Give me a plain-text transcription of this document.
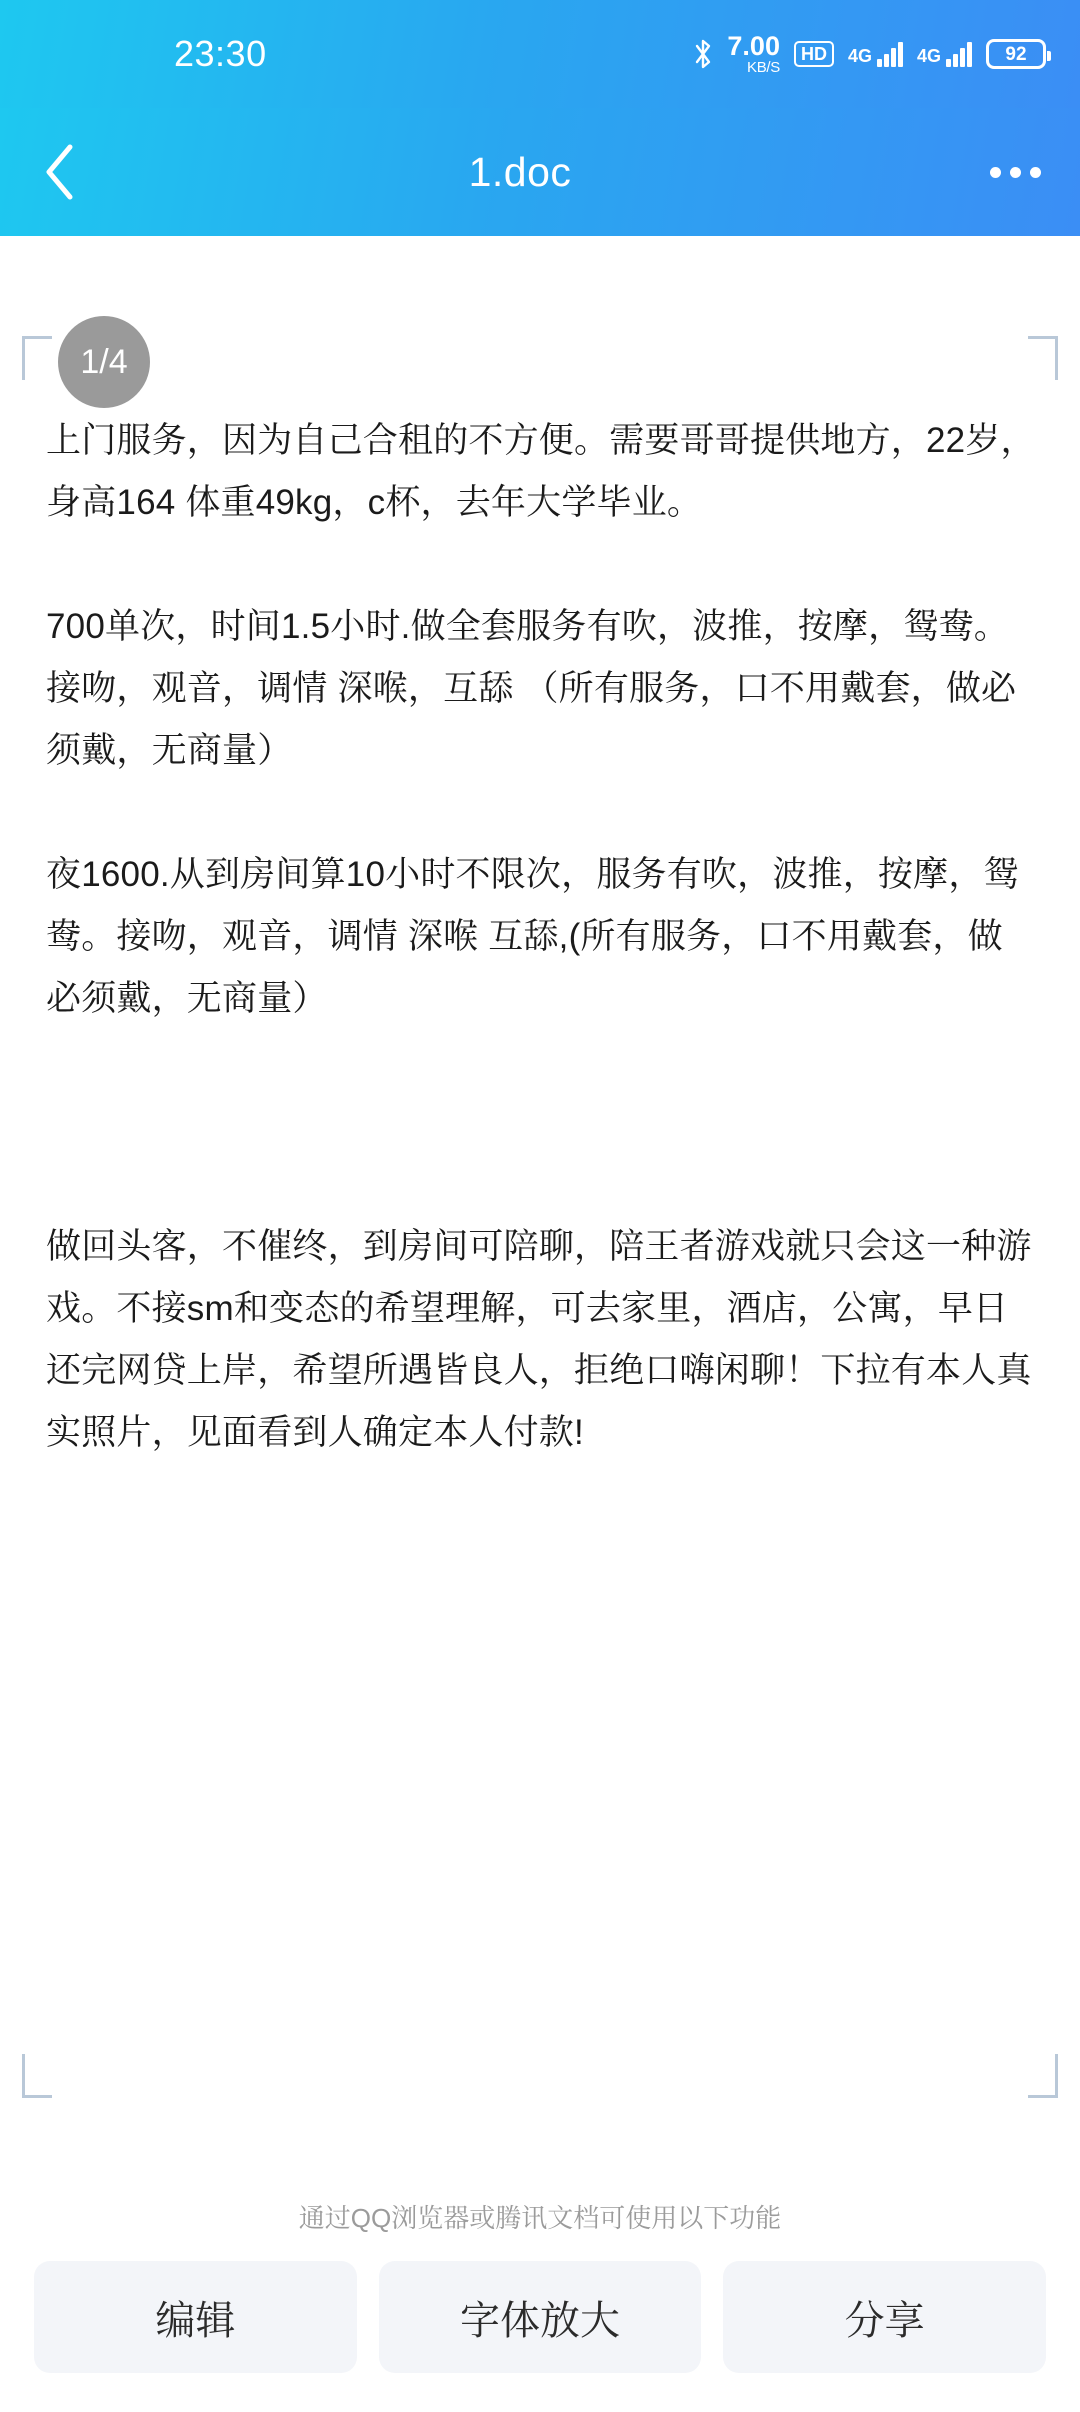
23:30	7.00
KB/S
HD	4G	4G	92
1.doc
1/4

上门服务，因为自己合租的不方便。需要哥哥提供地方，22岁，身高164 体重49kg，c杯，去年大学毕业。

700单次，时间1.5小时.做全套服务有吹，波推，按摩，鸳鸯。接吻，观音，调情 深喉，互舔 （所有服务，口不用戴套，做必须戴，无商量）

夜1600.从到房间算10小时不限次，服务有吹，波推，按摩，鸳鸯。接吻，观音，调情 深喉 互舔,(所有服务，口不用戴套，做必须戴，无商量）

做回头客，不催终，到房间可陪聊，陪王者游戏就只会这一种游戏。不接sm和变态的希望理解，可去家里，酒店，公寓，早日还完网贷上岸，希望所遇皆良人，拒绝口嗨闲聊！下拉有本人真实照片，见面看到人确定本人付款!

通过QQ浏览器或腾讯文档可使用以下功能
编辑	字体放大	分享
